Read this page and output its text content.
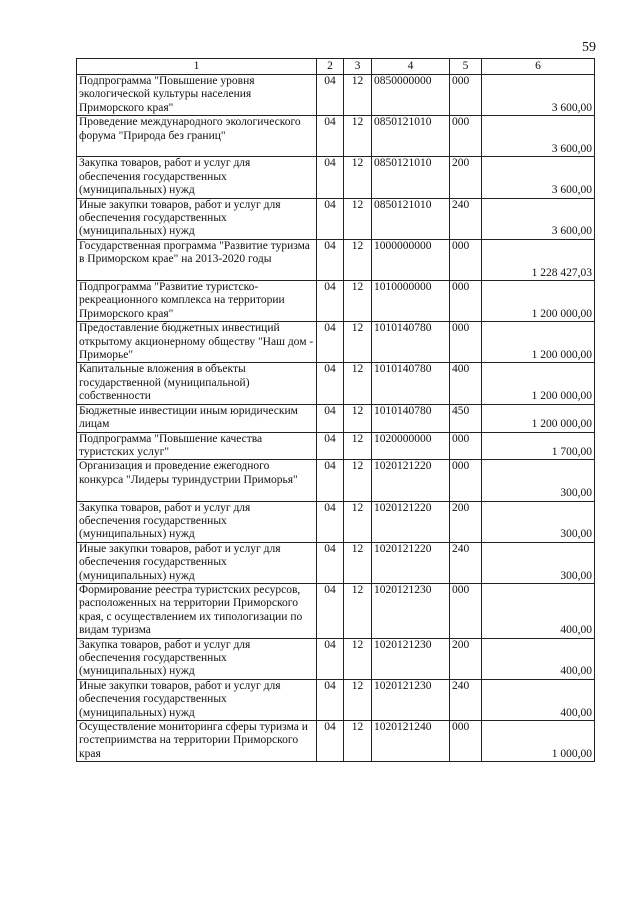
59
1	2	3	4	5	6
Подпрограмма "Повышение уровня экологической культуры населения Приморского края"	04	12	0850000000	000	3 600,00
Проведение международного экологического форума "Природа без границ"	04	12	0850121010	000	3 600,00
Закупка товаров, работ и услуг для обеспечения государственных (муниципальных) нужд	04	12	0850121010	200	3 600,00
Иные закупки товаров, работ и услуг для обеспечения государственных (муниципальных) нужд	04	12	0850121010	240	3 600,00
Государственная программа "Развитие туризма в Приморском крае" на 2013-2020 годы	04	12	1000000000	000	1 228 427,03
Подпрограмма "Развитие туристско-рекреационного комплекса на территории Приморского края"	04	12	1010000000	000	1 200 000,00
Предоставление бюджетных инвестиций открытому акционерному обществу "Наш дом - Приморье"	04	12	1010140780	000	1 200 000,00
Капитальные вложения в объекты государственной (муниципальной) собственности	04	12	1010140780	400	1 200 000,00
Бюджетные инвестиции иным юридическим лицам	04	12	1010140780	450	1 200 000,00
Подпрограмма "Повышение качества туристских услуг"	04	12	1020000000	000	1 700,00
Организация и проведение ежегодного конкурса "Лидеры туриндустрии Приморья"	04	12	1020121220	000	300,00
Закупка товаров, работ и услуг для обеспечения государственных (муниципальных) нужд	04	12	1020121220	200	300,00
Иные закупки товаров, работ и услуг для обеспечения государственных (муниципальных) нужд	04	12	1020121220	240	300,00
Формирование реестра туристских ресурсов, расположенных на территории Приморского края, с осуществлением их типологизации по видам туризма	04	12	1020121230	000	400,00
Закупка товаров, работ и услуг для обеспечения государственных (муниципальных) нужд	04	12	1020121230	200	400,00
Иные закупки товаров, работ и услуг для обеспечения государственных (муниципальных) нужд	04	12	1020121230	240	400,00
Осуществление мониторинга сферы туризма и гостеприимства на территории Приморского края	04	12	1020121240	000	1 000,00
